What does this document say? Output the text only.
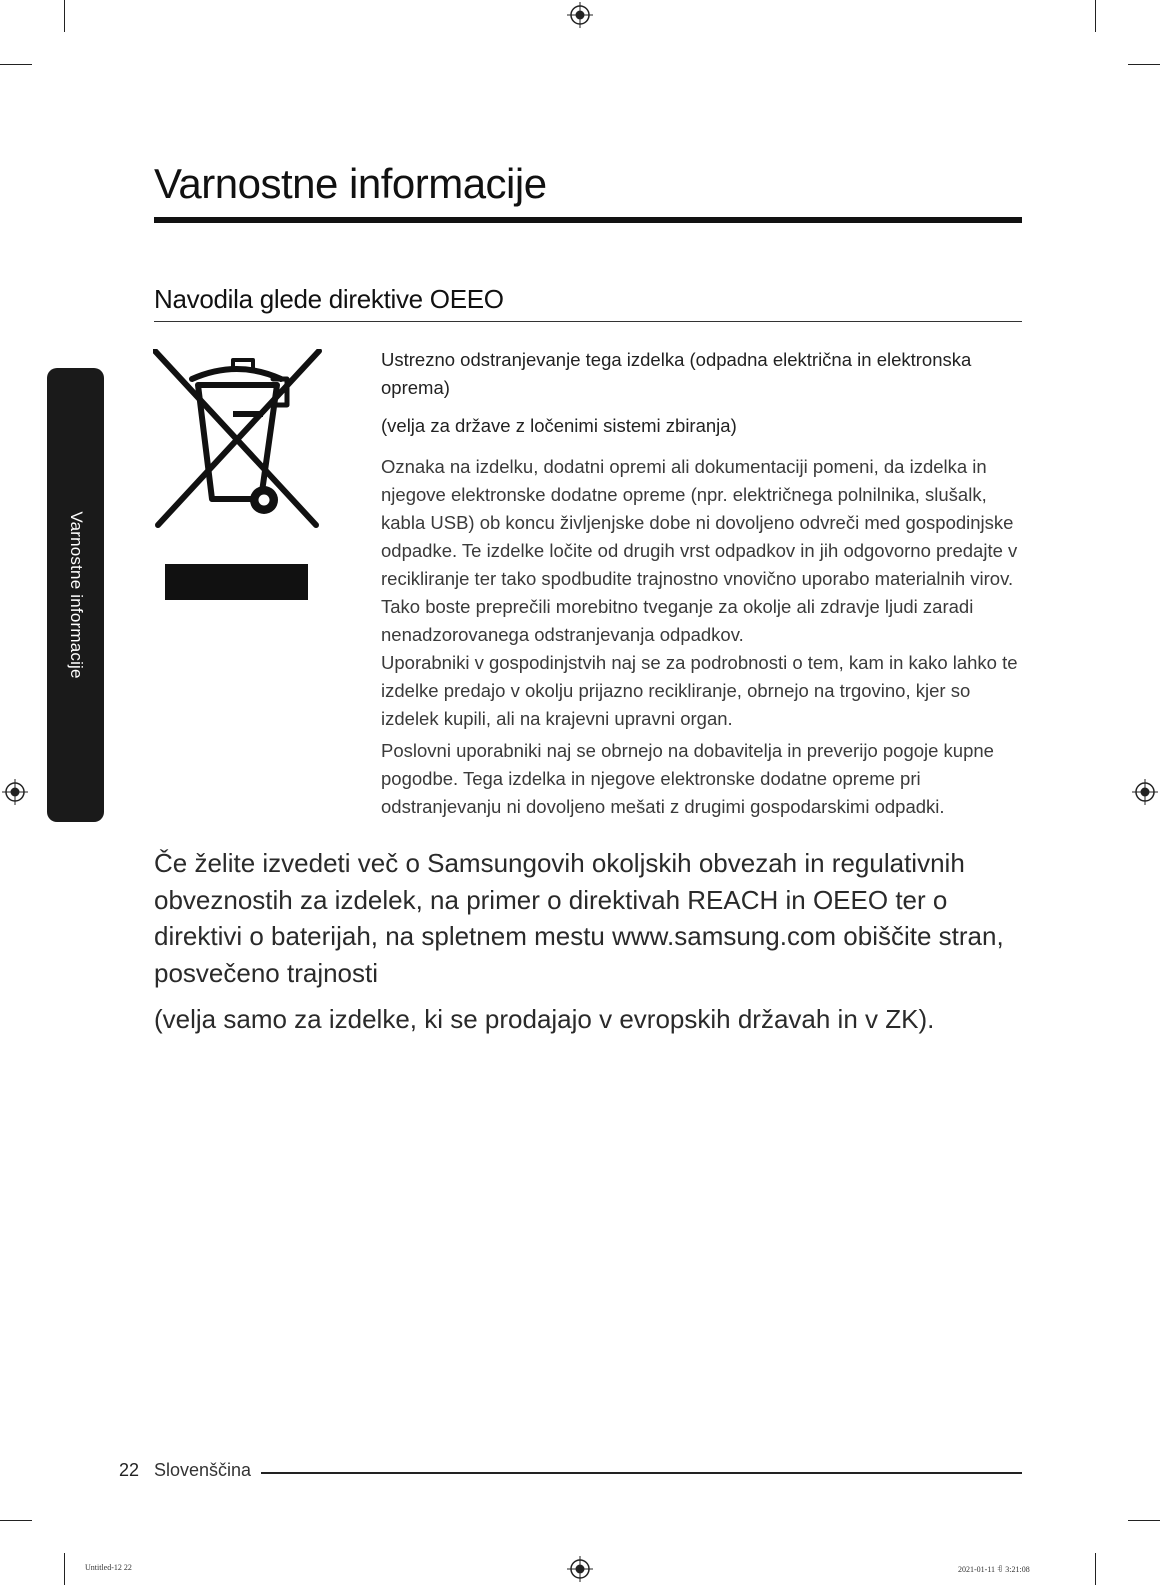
Varnostne informacije
Varnostne informacije
Navodila glede direktive OEEO

Ustrezno odstranjevanje tega izdelka (odpadna električna in elektronska oprema)

(velja za države z ločenimi sistemi zbiranja)

Oznaka na izdelku, dodatni opremi ali dokumentaciji pomeni, da izdelka in njegove elektronske dodatne opreme (npr. električnega polnilnika, slušalk, kabla USB) ob koncu življenjske dobe ni dovoljeno odvreči med gospodinjske odpadke. Te izdelke ločite od drugih vrst odpadkov in jih odgovorno predajte v recikliranje ter tako spodbudite trajnostno vnovično uporabo materialnih virov. Tako boste preprečili morebitno tveganje za okolje ali zdravje ljudi zaradi nenadzorovanega odstranjevanja odpadkov.

Uporabniki v gospodinjstvih naj se za podrobnosti o tem, kam in kako lahko te izdelke predajo v okolju prijazno recikliranje, obrnejo na trgovino, kjer so izdelek kupili, ali na krajevni upravni organ.

Poslovni uporabniki naj se obrnejo na dobavitelja in preverijo pogoje kupne pogodbe. Tega izdelka in njegove elektronske dodatne opreme pri odstranjevanju ni dovoljeno mešati z drugimi gospodarskimi odpadki.

Če želite izvedeti več o Samsungovih okoljskih obvezah in regulativnih obveznostih za izdelek, na primer o direktivah REACH in OEEO ter o direktivi o baterijah, na spletnem mestu www.samsung.com obiščite stran, posvečeno trajnosti

(velja samo za izdelke, ki se prodajajo v evropskih državah in v ZK).

22 Slovenščina
Untitled-12 22	2021-01-11 ꊙ 3:21:08
